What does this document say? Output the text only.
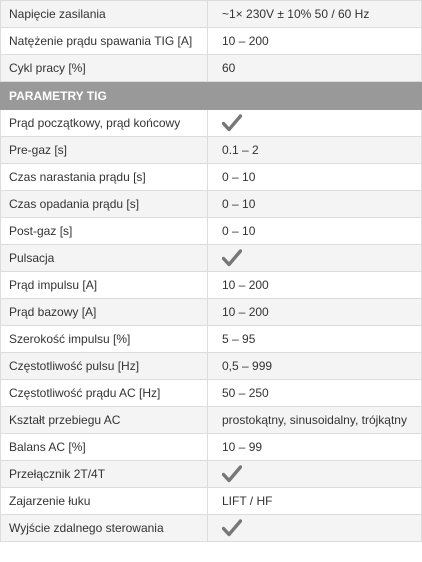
Napięcie zasilania	~1× 230V ± 10% 50 / 60 Hz
Natężenie prądu spawania TIG [A]	10 – 200
Cykl pracy [%]	60
PARAMETRY TIG	
Prąd początkowy, prąd końcowy	

Pre-gaz [s]	0.1 – 2
Czas narastania prądu [s]	0 – 10
Czas opadania prądu [s]	0 – 10
Post-gaz [s]	0 – 10
Pulsacja	

Prąd impulsu [A]	10 – 200
Prąd bazowy [A]	10 – 200
Szerokość impulsu [%]	5 – 95
Częstotliwość pulsu [Hz]	0,5 – 999
Częstotliwość prądu AC [Hz]	50 – 250
Kształt przebiegu AC	prostokątny, sinusoidalny, trójkątny
Balans AC [%]	10 – 99
Przełącznik 2T/4T	

Zajarzenie łuku	LIFT / HF
Wyjście zdalnego sterowania	
